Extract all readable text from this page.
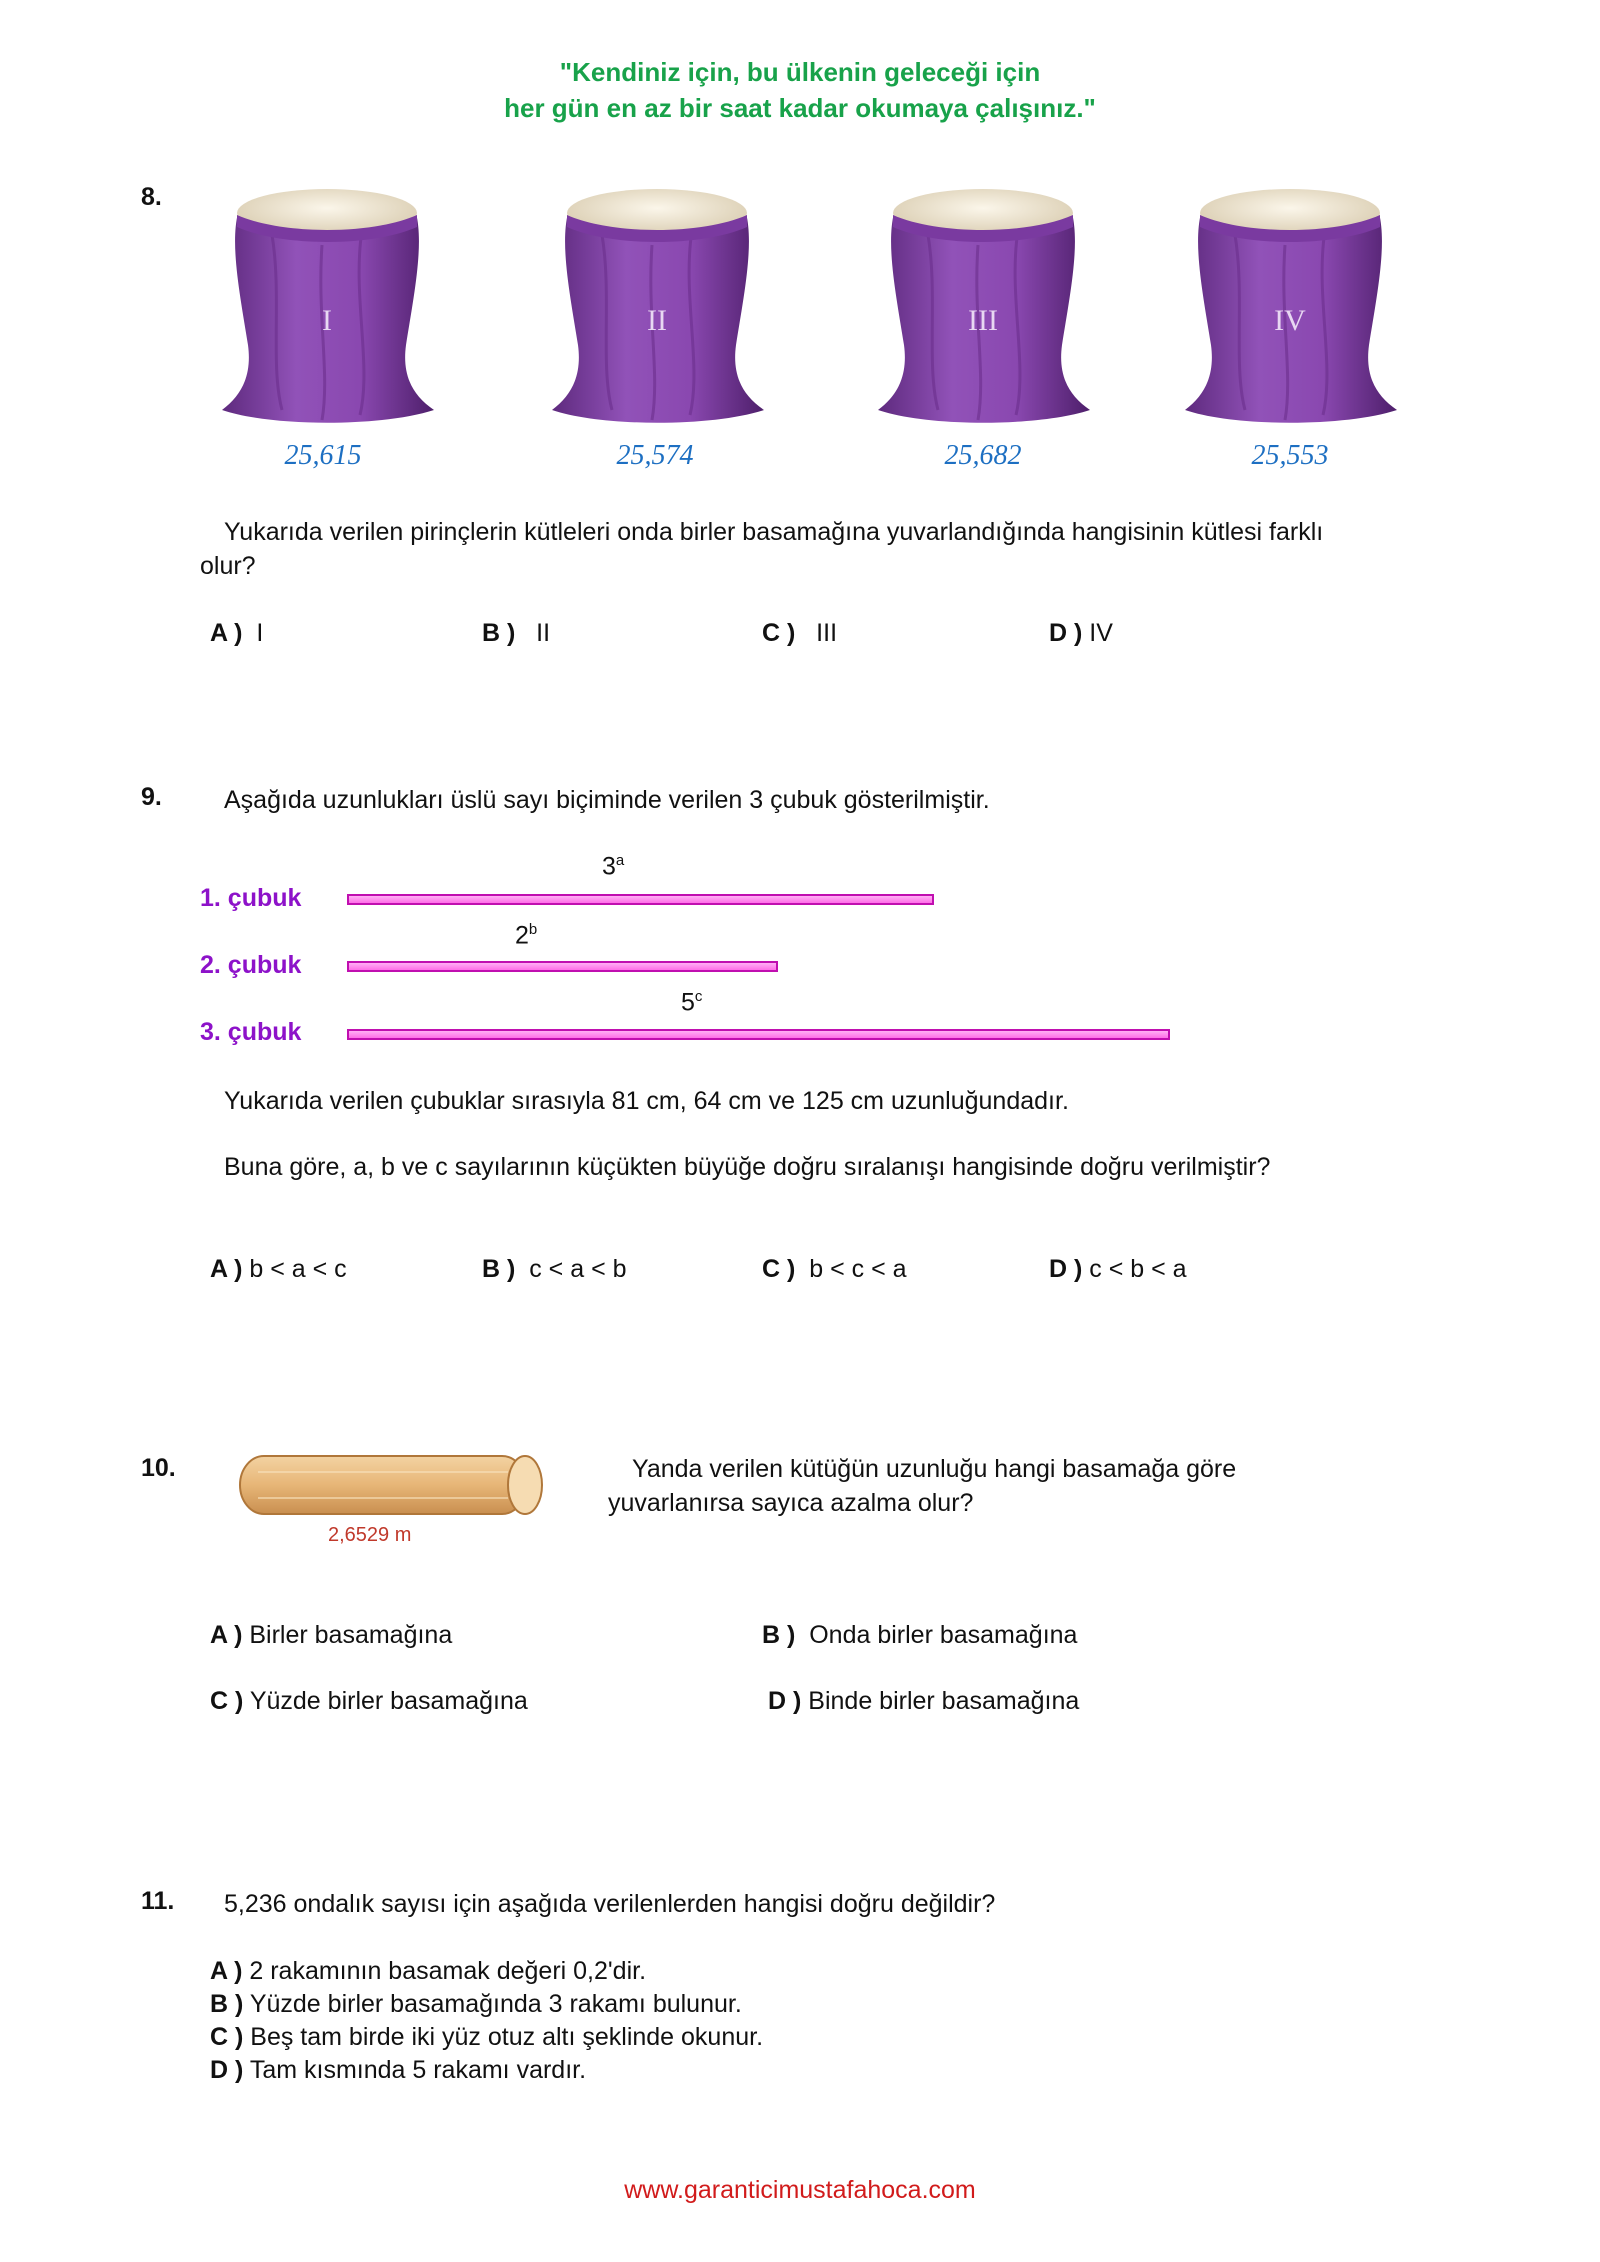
"Kendiniz için, bu ülkenin geleceği için
her gün en az bir saat kadar okumaya çalışınız."
8.
I	II	III	IV
25,615	25,574	25,682	25,553
Yukarıda verilen pirinçlerin kütleleri onda birler basamağına yuvarlandığında hangisinin kütlesi farklı
olur?
A ) I	B ) II	C ) III	D ) IV
9. Aşağıda uzunlukları üslü sayı biçiminde verilen 3 çubuk gösterilmiştir.
3$^a$
1. çubuk
2$^b$
2. çubuk
5$^c$
3. çubuk
Yukarıda verilen çubuklar sırasıyla 81 cm, 64 cm ve 125 cm uzunluğundadır.
Buna göre, a, b ve c sayılarının küçükten büyüğe doğru sıralanışı hangisinde doğru verilmiştir?
A ) b < a < c	B ) c < a < b	C ) b < c < a	D ) c < b < a
10.
2,6529 m
Yanda verilen kütüğün uzunluğu hangi basamağa göre
yuvarlanırsa sayıca azalma olur?
A ) Birler basamağına	B ) Onda birler basamağına
C ) Yüzde birler basamağına	D ) Binde birler basamağına
11. 5,236 ondalık sayısı için aşağıda verilenlerden hangisi doğru değildir?
A ) 2 rakamının basamak değeri 0,2'dir.
B ) Yüzde birler basamağında 3 rakamı bulunur.
C ) Beş tam birde iki yüz otuz altı şeklinde okunur.
D ) Tam kısmında 5 rakamı vardır.
www.garanticimustafahoca.com
